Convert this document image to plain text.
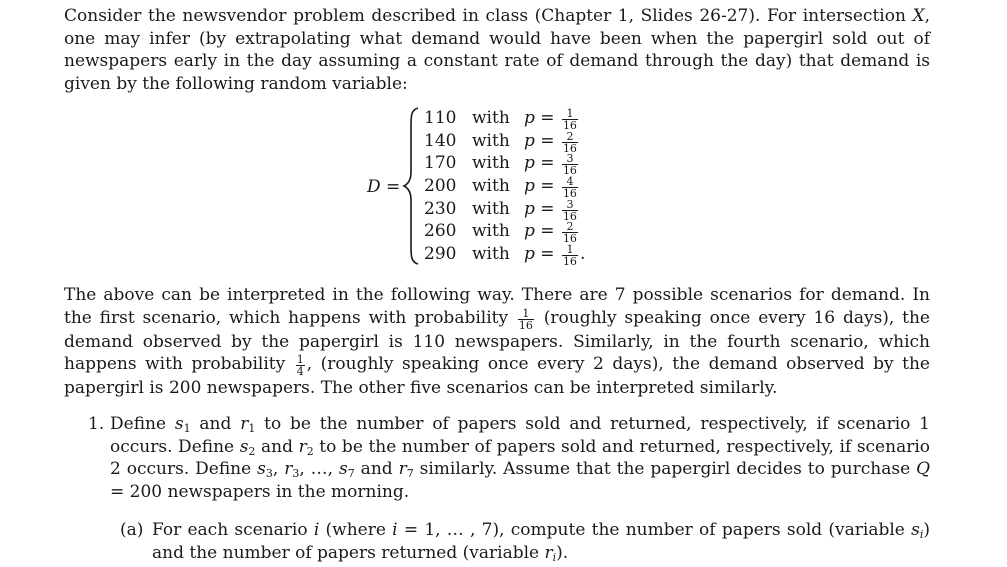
Consider the newsvendor problem described in class (Chapter 1, Slides 26-27). For intersection X, one may infer (by extrapolating what demand would have been when the papergirl sold out of newspapers early in the day assuming a constant rate of demand through the day) that demand is given by the following random variable:

D =
110 with $p = \frac{1}{16}$
140 with $p = \frac{2}{16}$
170 with $p = \frac{3}{16}$
200 with $p = \frac{4}{16}$
230 with $p = \frac{3}{16}$
260 with $p = \frac{2}{16}$
290 with $p = \frac{1}{16}$ .

The above can be interpreted in the following way. There are 7 possible scenarios for demand. In the first scenario, which happens with probability $\frac{1}{16}$ (roughly speaking once every 16 days), the demand observed by the papergirl is 110 newspapers. Similarly, in the fourth scenario, which happens with probability $\frac{1}{4}$ , (roughly speaking once every 2 days), the demand observed by the papergirl is 200 newspapers. The other five scenarios can be interpreted similarly.

1. Define $s_1$ and $r_1$ to be the number of papers sold and returned, respectively, if scenario 1 occurs. Define $s_2$ and $r_2$ to be the number of papers sold and returned, respectively, if scenario 2 occurs. Define $s_3$, $r_3$, …, $s_7$ and $r_7$ similarly. Assume that the papergirl decides to purchase Q = 200 newspapers in the morning.
(a) For each scenario i (where i = 1, … , 7), compute the number of papers sold (variable $s_i$) and the number of papers returned (variable $r_i$).
